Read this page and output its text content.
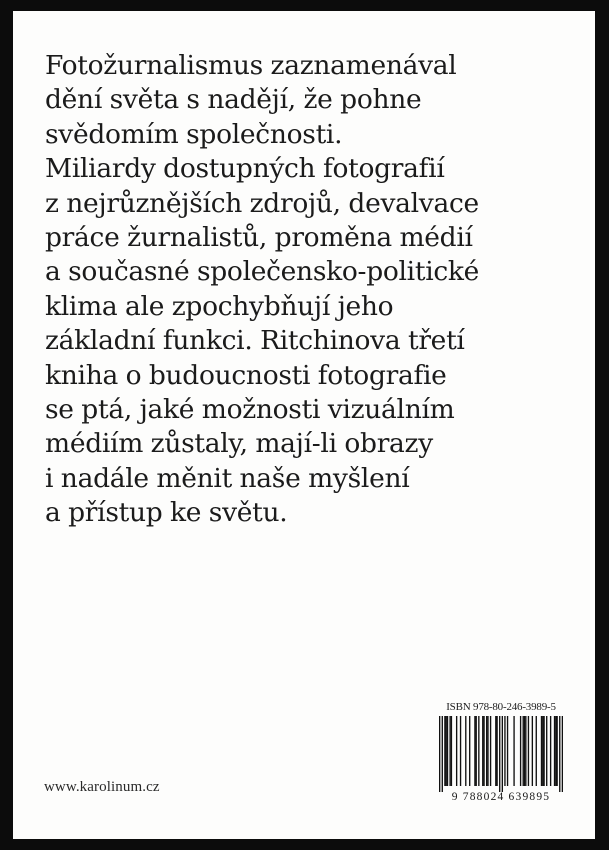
Fotožurnalismus zaznamenával
dění světa s nadějí, že pohne
svědomím společnosti.
Miliardy dostupných fotografií
z nejrůznějších zdrojů, devalvace
práce žurnalistů, proměna médií
a současné společensko-politické
klima ale zpochybňují jeho
základní funkci. Ritchinova třetí
kniha o budoucnosti fotografie
se ptá, jaké možnosti vizuálním
médiím zůstaly, mají-li obrazy
i nadále měnit naše myšlení
a přístup ke světu.

www.karolinum.cz
ISBN 978-80-246-3989-5
9 788024 639895
